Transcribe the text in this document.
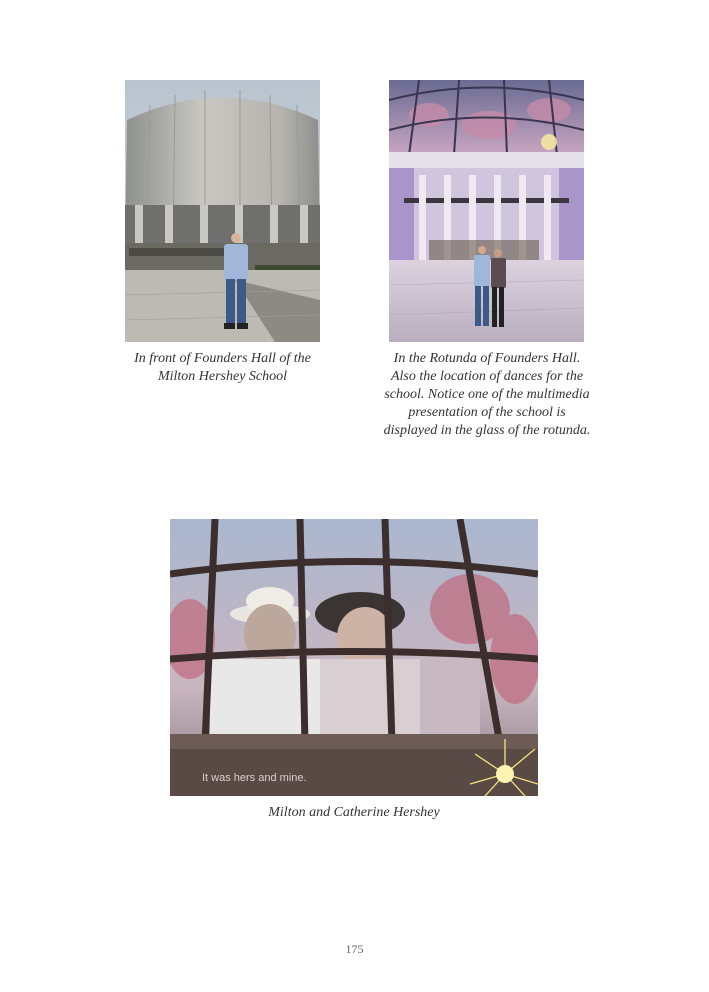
In front of Founders Hall of the
Milton Hershey School
In the Rotunda of Founders Hall.
Also the location of dances for the
school. Notice one of the multimedia
presentation of the school is
displayed in the glass of the rotunda.
It was hers and mine.
Milton and Catherine Hershey
175
